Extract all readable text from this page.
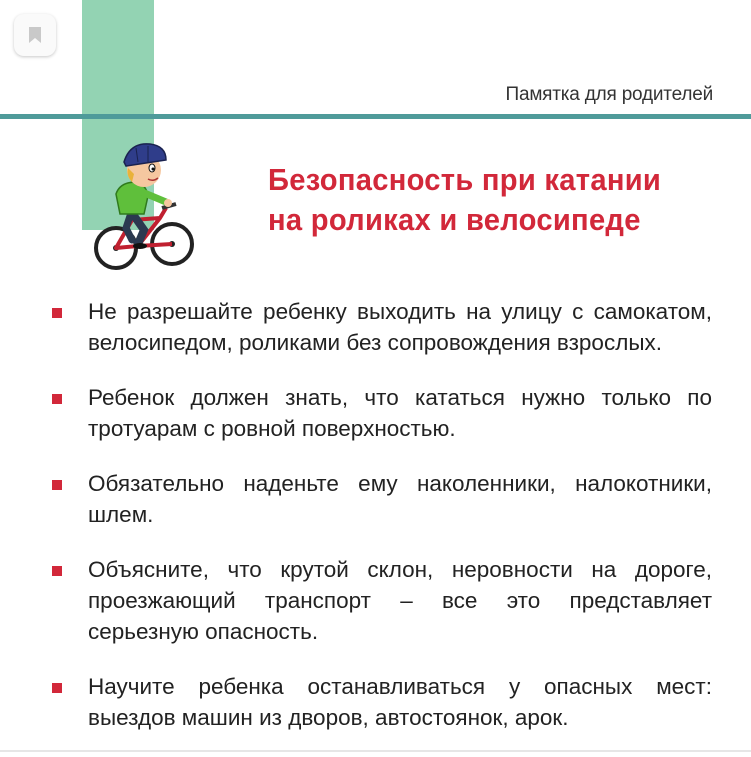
Памятка для родителей
Безопасность при катании
на роликах и велосипеде
Не разрешайте ребенку выходить на улицу с самокатом, велосипедом, роликами без сопровождения взрослых.
Ребенок должен знать, что кататься нужно только по тротуарам с ровной поверхностью.
Обязательно наденьте ему наколенники, налокотники, шлем.
Объясните, что крутой склон, неровности на дороге, проезжающий транспорт – все это представляет серьезную опасность.
Научите ребенка останавливаться у опасных мест: выездов машин из дворов, автостоянок, арок.
